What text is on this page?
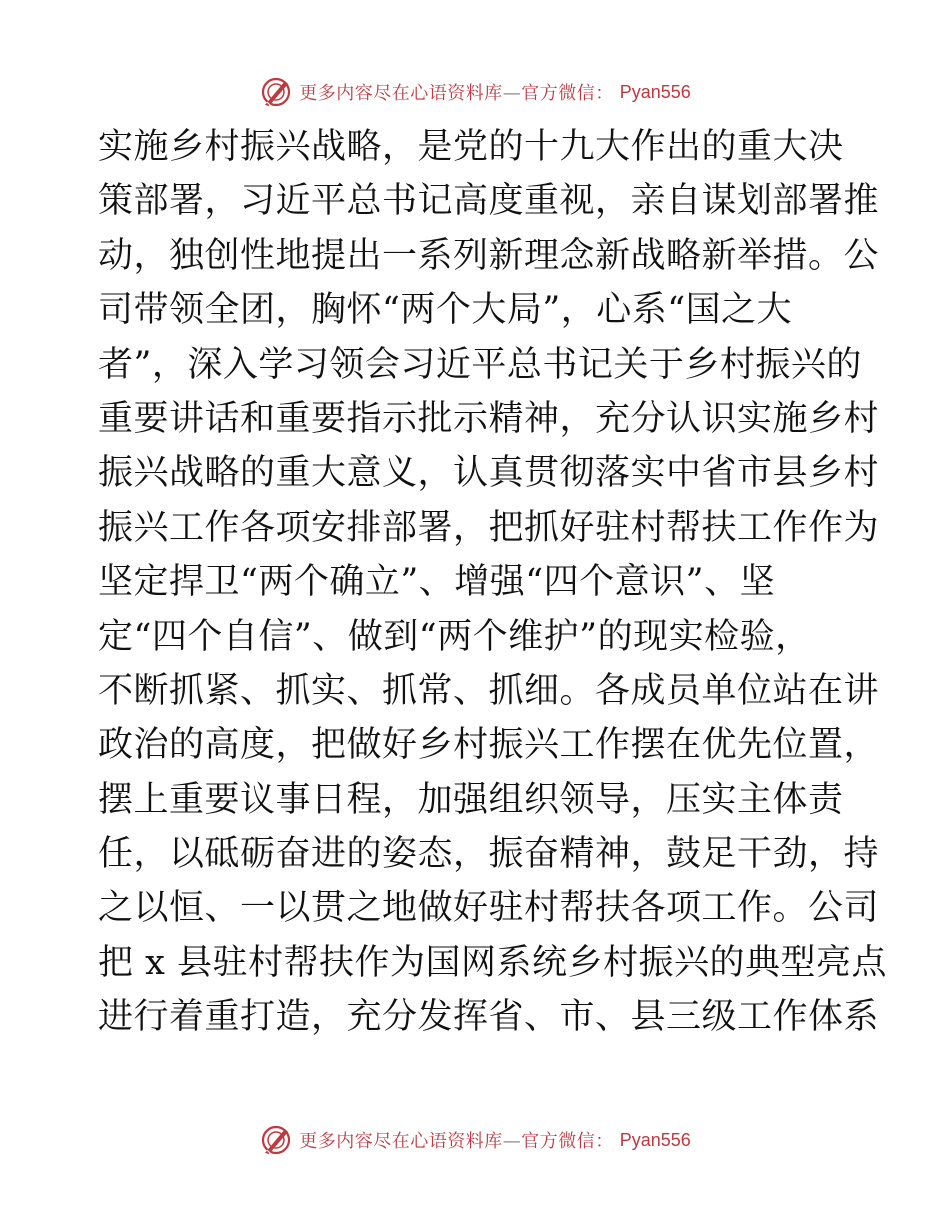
更多内容尽在心语资料库—官方微信： Pyan556
实施乡村振兴战略，是党的十九大作出的重大决
策部署，习近平总书记高度重视，亲自谋划部署推
动，独创性地提出一系列新理念新战略新举措。公
司带领全团，胸怀“两个大局”，心系“国之大
者”，深入学习领会习近平总书记关于乡村振兴的
重要讲话和重要指示批示精神，充分认识实施乡村
振兴战略的重大意义，认真贯彻落实中省市县乡村
振兴工作各项安排部署，把抓好驻村帮扶工作作为
坚定捍卫“两个确立”、增强“四个意识”、坚
定“四个自信”、做到“两个维护”的现实检验，
不断抓紧、抓实、抓常、抓细。各成员单位站在讲
政治的高度，把做好乡村振兴工作摆在优先位置，
摆上重要议事日程，加强组织领导，压实主体责
任，以砥砺奋进的姿态，振奋精神，鼓足干劲，持
之以恒、一以贯之地做好驻村帮扶各项工作。公司
把 x 县驻村帮扶作为国网系统乡村振兴的典型亮点
进行着重打造，充分发挥省、市、县三级工作体系
更多内容尽在心语资料库—官方微信： Pyan556
